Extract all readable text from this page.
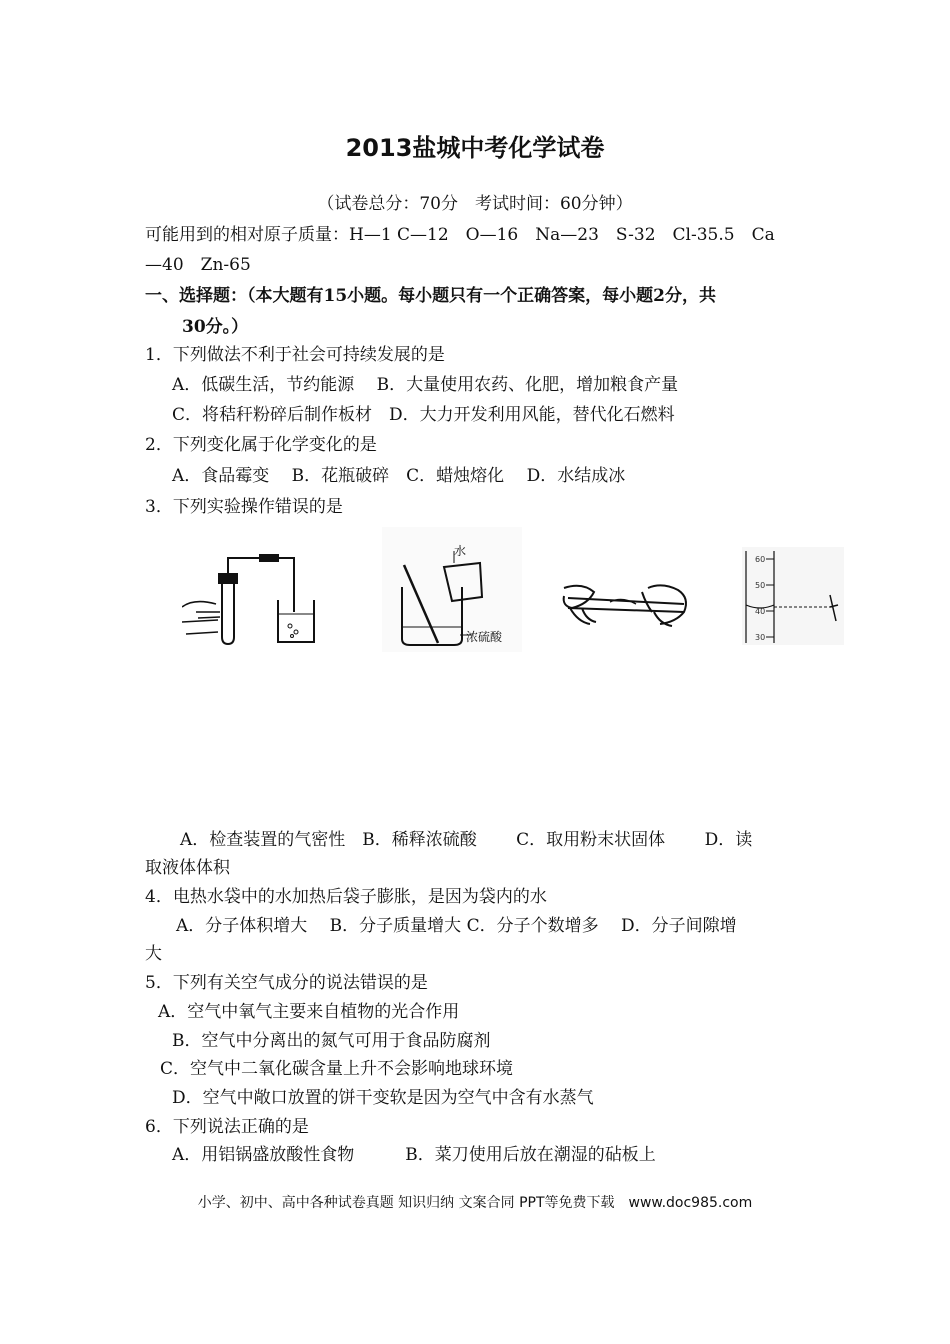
2013盐城中考化学试卷
（试卷总分：70分　考试时间：60分钟）
可能用到的相对原子质量：H—1 C—12　O—16　Na—23　S-32　Cl-35.5　Ca
—40　Zn-65
一、选择题：（本大题有15小题。每小题只有一个正确答案，每小题2分，共
30分。）
1．下列做法不利于社会可持续发展的是
A．低碳生活，节约能源　 B．大量使用农药、化肥，增加粮食产量
C．将秸秆粉碎后制作板材　D．大力开发利用风能，替代化石燃料
2．下列变化属于化学变化的是
A．食品霉变　 B．花瓶破碎　C．蜡烛熔化　 D．水结成冰
3．下列实验操作错误的是
水
浓硫酸
60
50
40
30
A．检查装置的气密性　B．稀释浓硫酸　　 C．取用粉末状固体　　 D．读
取液体体积
4．电热水袋中的水加热后袋子膨胀，是因为袋内的水
A．分子体积增大　 B．分子质量增大 C．分子个数增多　 D．分子间隙增
大
5．下列有关空气成分的说法错误的是
A．空气中氧气主要来自植物的光合作用
B．空气中分离出的氮气可用于食品防腐剂
C．空气中二氧化碳含量上升不会影响地球环境
D．空气中敞口放置的饼干变软是因为空气中含有水蒸气
6．下列说法正确的是
A．用铝锅盛放酸性食物　　　B．菜刀使用后放在潮湿的砧板上
小学、初中、高中各种试卷真题 知识归纳 文案合同 PPT等免费下载　www.doc985.com
